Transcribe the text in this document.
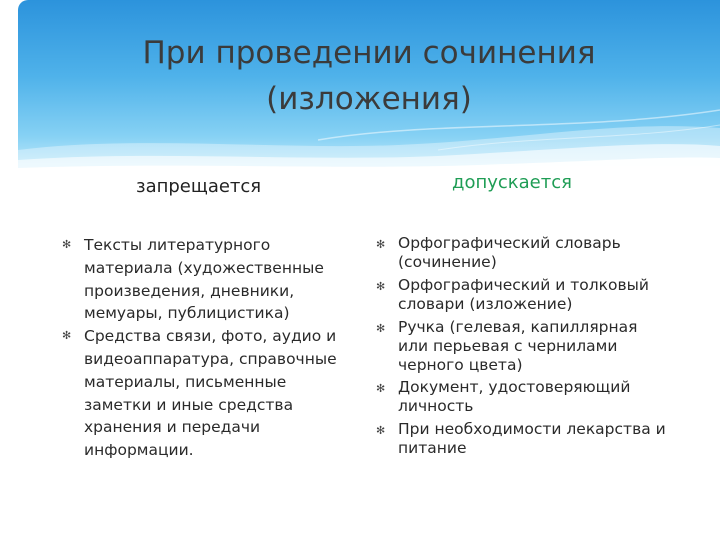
При проведении сочинения
(изложения)
запрещается	допускается
✻ Тексты литературного материала (художественные произведения, дневники, мемуары, публицистика)
✻ Средства связи, фото, аудио и видеоаппаратура, справочные материалы, письменные заметки и иные средства хранения и передачи информации.
✻ Орфографический словарь (сочинение)
✻ Орфографический и толковый словари (изложение)
✻ Ручка (гелевая, капиллярная или перьевая с чернилами черного цвета)
✻ Документ, удостоверяющий личность
✻ При необходимости лекарства и питание
